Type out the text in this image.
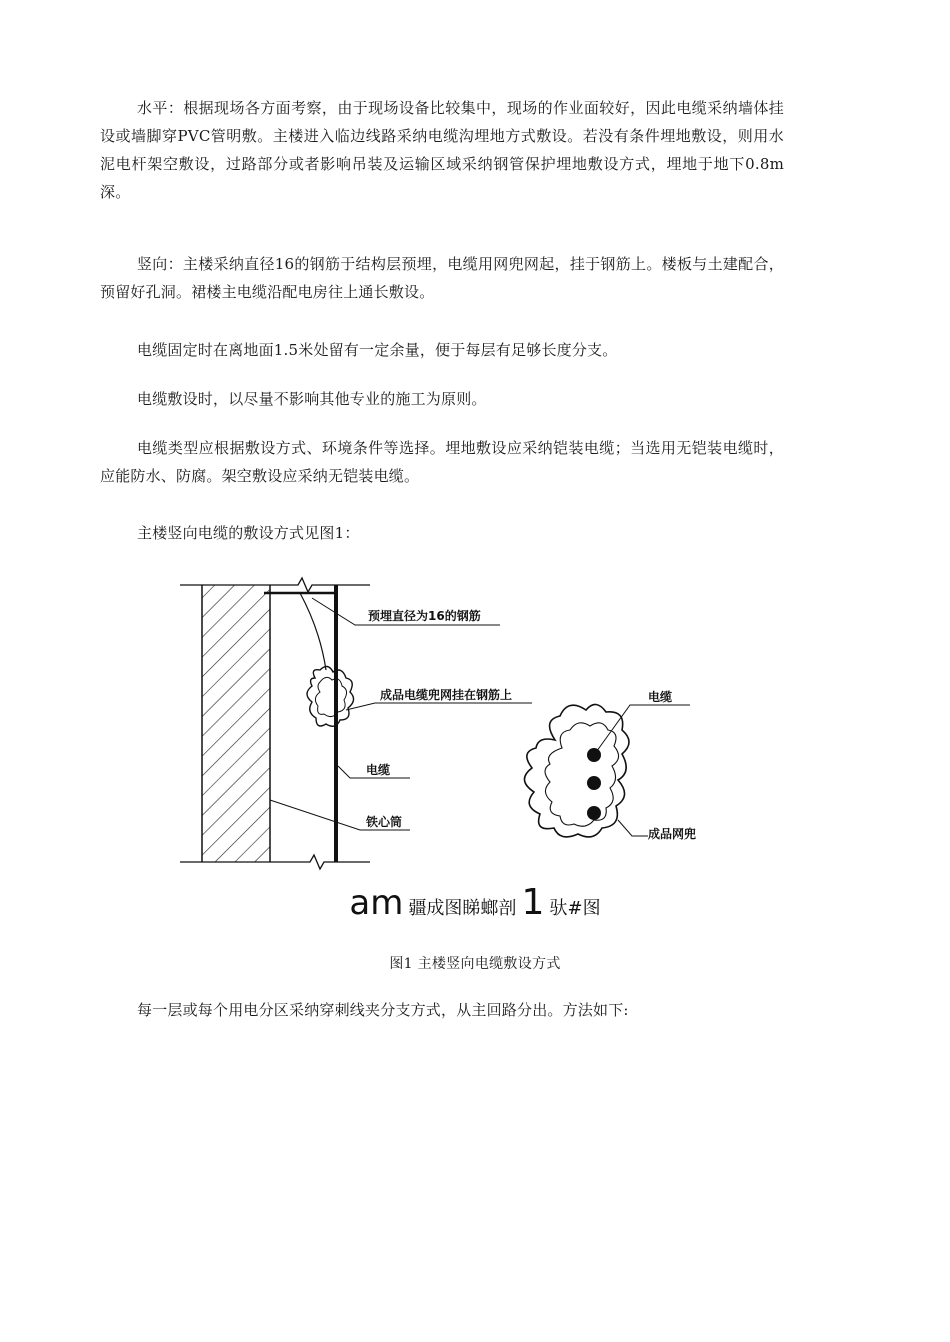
水平：根据现场各方面考察，由于现场设备比较集中，现场的作业面较好，因此电缆采纳墙体挂设或墙脚穿PVC管明敷。主楼进入临边线路采纳电缆沟埋地方式敷设。若没有条件埋地敷设，则用水泥电杆架空敷设，过路部分或者影响吊装及运输区域采纳钢管保护埋地敷设方式，埋地于地下0.8m深。

竖向：主楼采纳直径16的钢筋于结构层预埋，电缆用网兜网起，挂于钢筋上。楼板与土建配合，预留好孔洞。裙楼主电缆沿配电房往上通长敷设。

电缆固定时在离地面1.5米处留有一定余量，便于每层有足够长度分支。

电缆敷设时，以尽量不影响其他专业的施工为原则。

电缆类型应根据敷设方式、环境条件等选择。埋地敷设应采纳铠装电缆；当选用无铠装电缆时，应能防水、防腐。架空敷设应采纳无铠装电缆。

主楼竖向电缆的敷设方式见图1：

预埋直径为16的钢筋
成品电缆兜网挂在钢筋上
电缆
铁心筒
电缆
成品网兜
am 疆成图睇螂剖 1 驮#图
图1 主楼竖向电缆敷设方式

每一层或每个用电分区采纳穿刺线夹分支方式，从主回路分出。方法如下:
